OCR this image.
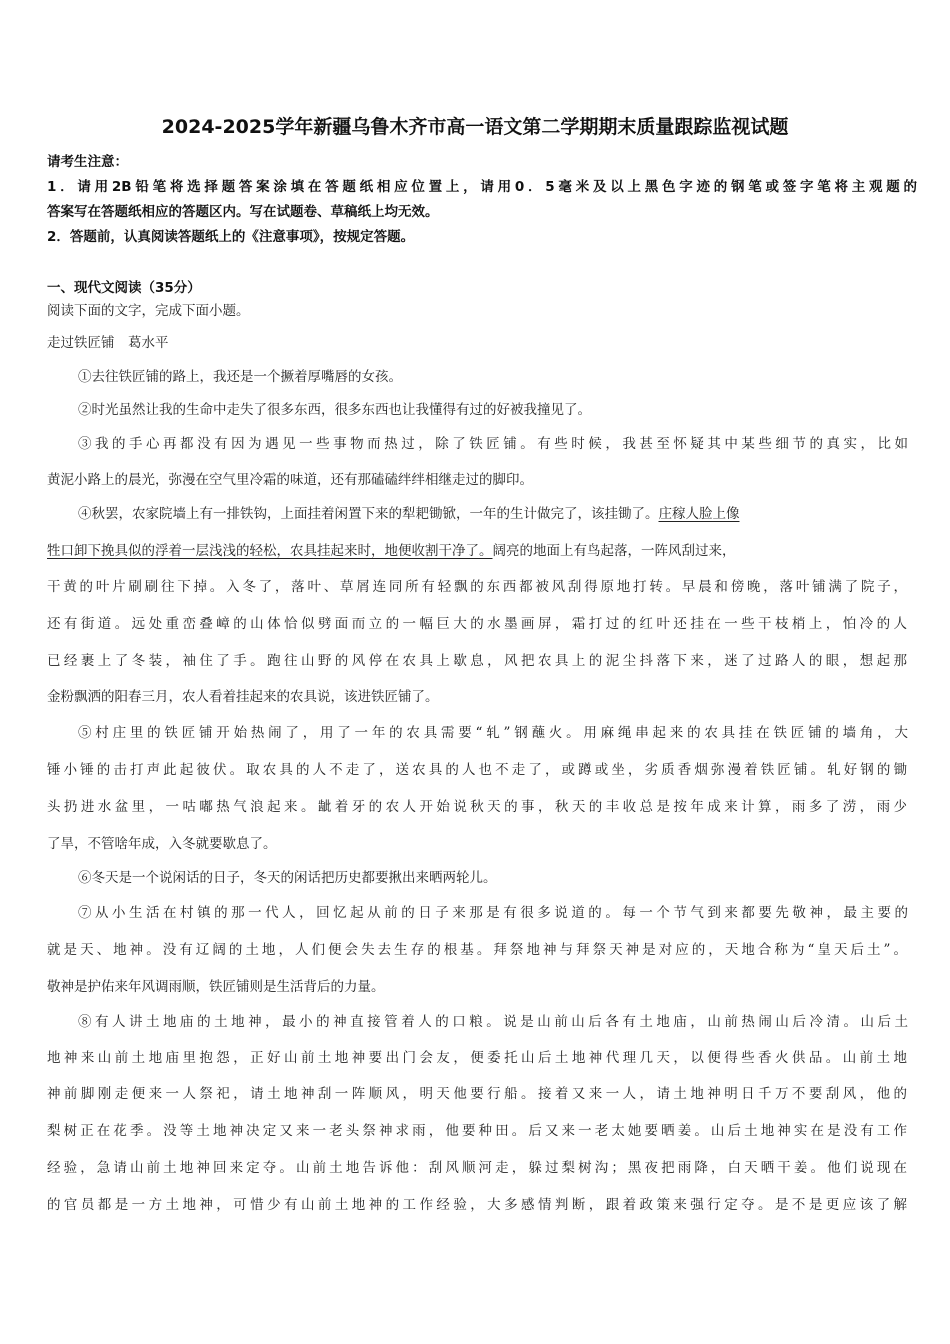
2024-2025学年新疆乌鲁木齐市高一语文第二学期期末质量跟踪监视试题
请考生注意：
1．请用2B铅笔将选择题答案涂填在答题纸相应位置上，请用0．5毫米及以上黑色字迹的钢笔或签字笔将主观题的
答案写在答题纸相应的答题区内。写在试题卷、草稿纸上均无效。
2．答题前，认真阅读答题纸上的《注意事项》，按规定答题。
一、现代文阅读（35分）
阅读下面的文字，完成下面小题。
走过铁匠铺　葛水平
①去往铁匠铺的路上，我还是一个撅着厚嘴唇的女孩。
②时光虽然让我的生命中走失了很多东西，很多东西也让我懂得有过的好被我撞见了。
③我的手心再都没有因为遇见一些事物而热过，除了铁匠铺。有些时候，我甚至怀疑其中某些细节的真实，比如
黄泥小路上的晨光，弥漫在空气里冷霜的味道，还有那磕磕绊绊相继走过的脚印。
④秋罢，农家院墙上有一排铁钩，上面挂着闲置下来的犁耙锄锨，一年的生计做完了，该挂锄了。庄稼人脸上像
牲口卸下挽具似的浮着一层浅浅的轻松，农具挂起来时，地便收割干净了。阔亮的地面上有鸟起落，一阵风刮过来，
干黄的叶片刷刷往下掉。入冬了，落叶、草屑连同所有轻飘的东西都被风刮得原地打转。早晨和傍晚，落叶铺满了院子，
还有街道。远处重峦叠嶂的山体恰似劈面而立的一幅巨大的水墨画屏，霜打过的红叶还挂在一些干枝梢上，怕冷的人
已经裹上了冬装，袖住了手。跑往山野的风停在农具上歇息，风把农具上的泥尘抖落下来，迷了过路人的眼，想起那
金粉飘洒的阳春三月，农人看着挂起来的农具说，该进铁匠铺了。
⑤村庄里的铁匠铺开始热闹了，用了一年的农具需要“轧”钢蘸火。用麻绳串起来的农具挂在铁匠铺的墙角，大
锤小锤的击打声此起彼伏。取农具的人不走了，送农具的人也不走了，或蹲或坐，劣质香烟弥漫着铁匠铺。轧好钢的锄
头扔进水盆里，一咕嘟热气浪起来。龇着牙的农人开始说秋天的事，秋天的丰收总是按年成来计算，雨多了涝，雨少
了旱，不管啥年成，入冬就要歇息了。
⑥冬天是一个说闲话的日子，冬天的闲话把历史都要揪出来晒两轮儿。
⑦从小生活在村镇的那一代人，回忆起从前的日子来那是有很多说道的。每一个节气到来都要先敬神，最主要的
就是天、地神。没有辽阔的土地，人们便会失去生存的根基。拜祭地神与拜祭天神是对应的，天地合称为“皇天后土”。
敬神是护佑来年风调雨顺，铁匠铺则是生活背后的力量。
⑧有人讲土地庙的土地神，最小的神直接管着人的口粮。说是山前山后各有土地庙，山前热闹山后冷清。山后土
地神来山前土地庙里抱怨，正好山前土地神要出门会友，便委托山后土地神代理几天，以便得些香火供品。山前土地
神前脚刚走便来一人祭祀，请土地神刮一阵顺风，明天他要行船。接着又来一人，请土地神明日千万不要刮风，他的
梨树正在花季。没等土地神决定又来一老头祭神求雨，他要种田。后又来一老太她要晒姜。山后土地神实在是没有工作
经验，急请山前土地神回来定夺。山前土地告诉他：刮风顺河走，躲过梨树沟；黑夜把雨降，白天晒干姜。他们说现在
的官员都是一方土地神，可惜少有山前土地神的工作经验，大多感情判断，跟着政策来强行定夺。是不是更应该了解
